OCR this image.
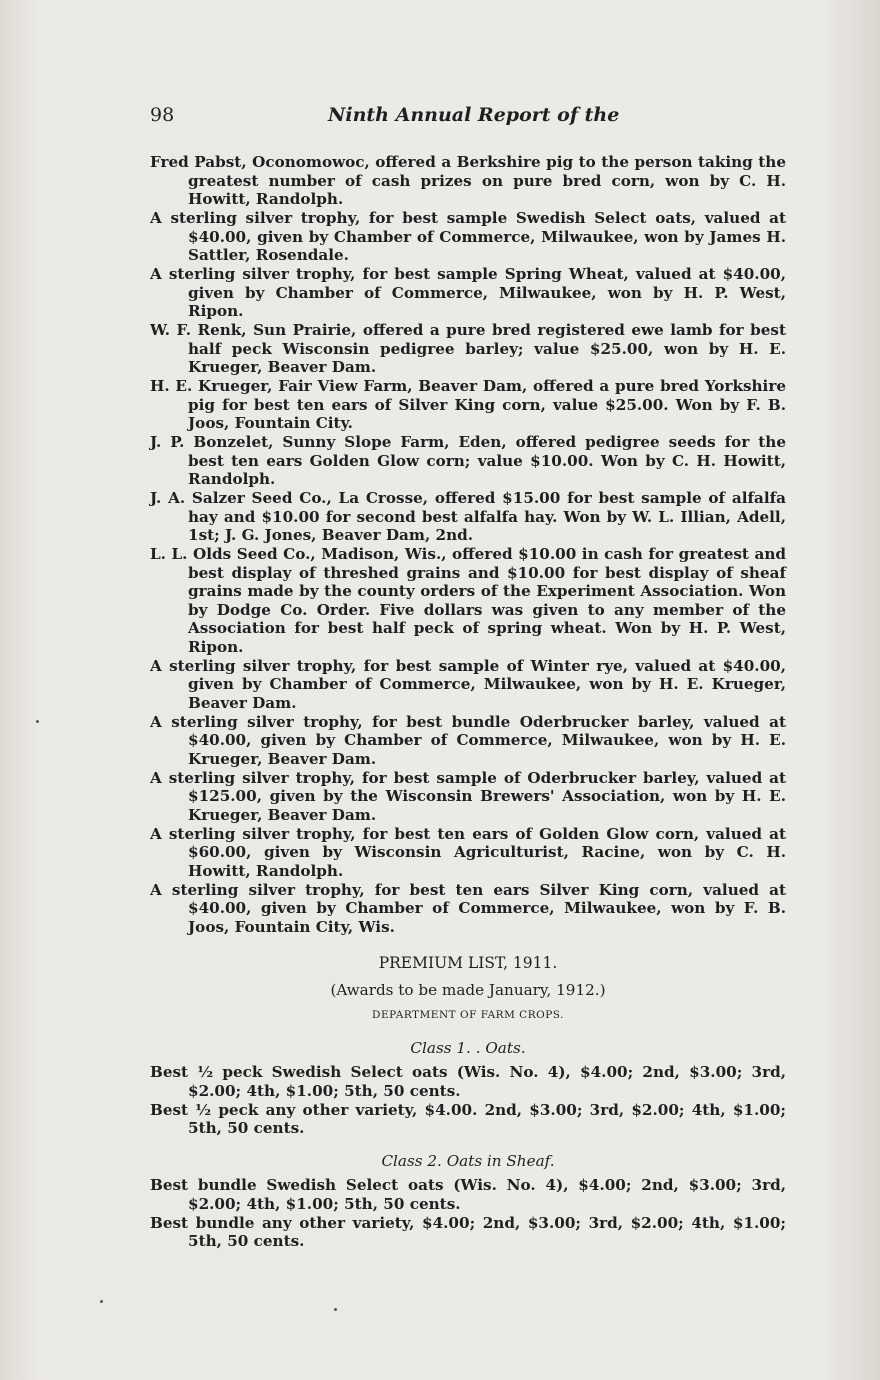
98	Ninth Annual Report of the

Fred Pabst, Oconomowoc, offered a Berkshire pig to the person taking the greatest number of cash prizes on pure bred corn, won by C. H. Howitt, Randolph.

A sterling silver trophy, for best sample Swedish Select oats, valued at $40.00, given by Chamber of Commerce, Milwaukee, won by James H. Sattler, Rosendale.

A sterling silver trophy, for best sample Spring Wheat, valued at $40.00, given by Chamber of Commerce, Milwaukee, won by H. P. West, Ripon.

W. F. Renk, Sun Prairie, offered a pure bred registered ewe lamb for best half peck Wisconsin pedigree barley; value $25.00, won by H. E. Krueger, Beaver Dam.

H. E. Krueger, Fair View Farm, Beaver Dam, offered a pure bred Yorkshire pig for best ten ears of Silver King corn, value $25.00. Won by F. B. Joos, Fountain City.

J. P. Bonzelet, Sunny Slope Farm, Eden, offered pedigree seeds for the best ten ears Golden Glow corn; value $10.00. Won by C. H. Howitt, Randolph.

J. A. Salzer Seed Co., La Crosse, offered $15.00 for best sample of alfalfa hay and $10.00 for second best alfalfa hay. Won by W. L. Illian, Adell, 1st; J. G. Jones, Beaver Dam, 2nd.

L. L. Olds Seed Co., Madison, Wis., offered $10.00 in cash for greatest and best display of threshed grains and $10.00 for best display of sheaf grains made by the county orders of the Experiment Association. Won by Dodge Co. Order. Five dollars was given to any member of the Association for best half peck of spring wheat. Won by H. P. West, Ripon.

A sterling silver trophy, for best sample of Winter rye, valued at $40.00, given by Chamber of Commerce, Milwaukee, won by H. E. Krueger, Beaver Dam.

A sterling silver trophy, for best bundle Oderbrucker barley, valued at $40.00, given by Chamber of Commerce, Milwaukee, won by H. E. Krueger, Beaver Dam.

A sterling silver trophy, for best sample of Oderbrucker barley, valued at $125.00, given by the Wisconsin Brewers' Association, won by H. E. Krueger, Beaver Dam.

A sterling silver trophy, for best ten ears of Golden Glow corn, valued at $60.00, given by Wisconsin Agriculturist, Racine, won by C. H. Howitt, Randolph.

A sterling silver trophy, for best ten ears Silver King corn, valued at $40.00, given by Chamber of Commerce, Milwaukee, won by F. B. Joos, Fountain City, Wis.

PREMIUM LIST, 1911.
(Awards to be made January, 1912.)
DEPARTMENT OF FARM CROPS.
Class 1. . Oats.

Best ½ peck Swedish Select oats (Wis. No. 4), $4.00; 2nd, $3.00; 3rd, $2.00; 4th, $1.00; 5th, 50 cents.

Best ½ peck any other variety, $4.00. 2nd, $3.00; 3rd, $2.00; 4th, $1.00; 5th, 50 cents.

Class 2. Oats in Sheaf.

Best bundle Swedish Select oats (Wis. No. 4), $4.00; 2nd, $3.00; 3rd, $2.00; 4th, $1.00; 5th, 50 cents.

Best bundle any other variety, $4.00; 2nd, $3.00; 3rd, $2.00; 4th, $1.00; 5th, 50 cents.
